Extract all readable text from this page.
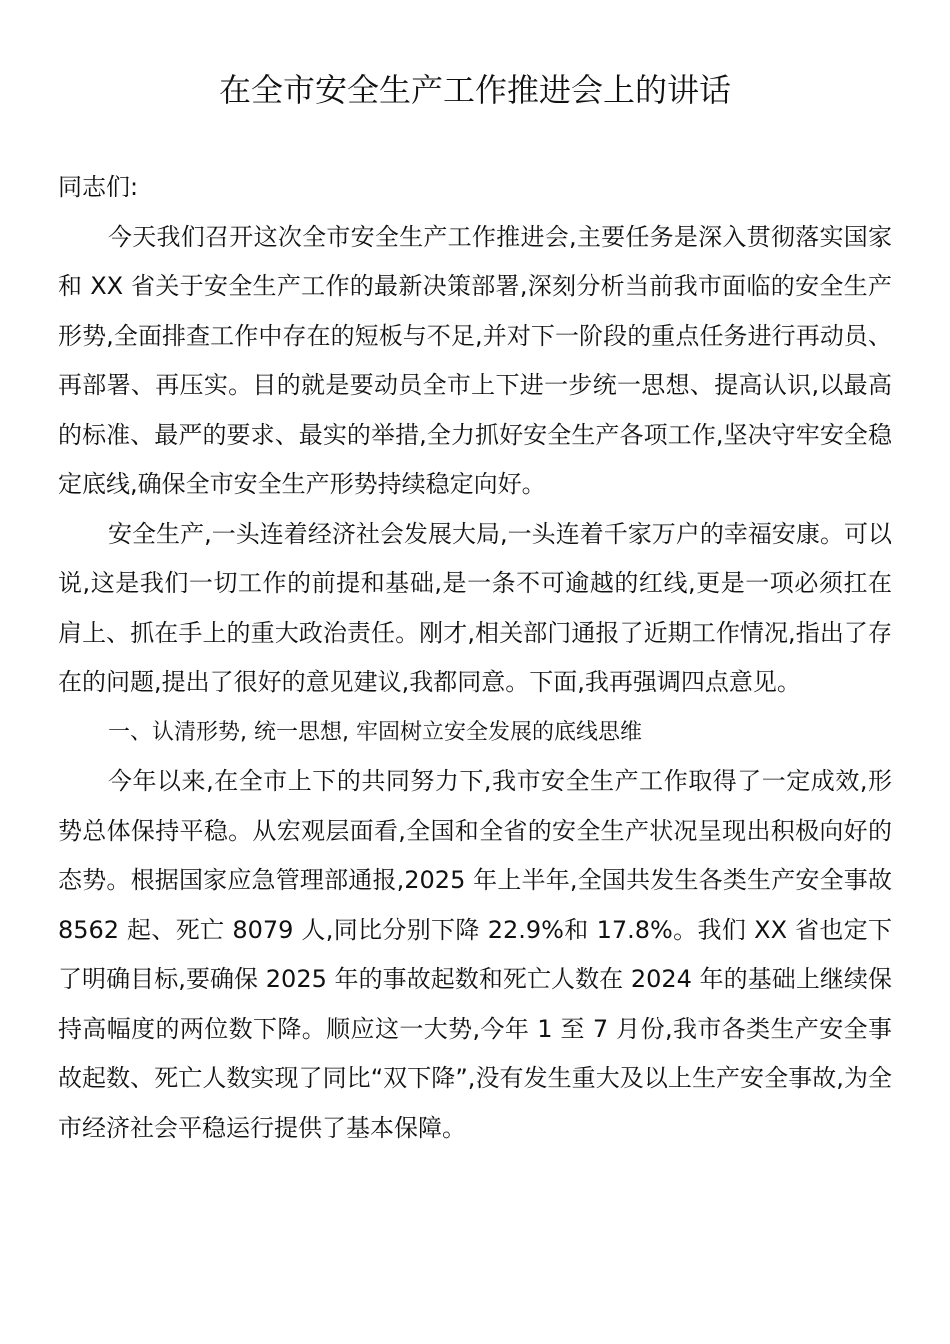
在全市安全生产工作推进会上的讲话

同志们:

今天我们召开这次全市安全生产工作推进会,主要任务是深入贯彻落实国家和 XX 省关于安全生产工作的最新决策部署,深刻分析当前我市面临的安全生产形势,全面排查工作中存在的短板与不足,并对下一阶段的重点任务进行再动员、再部署、再压实。目的就是要动员全市上下进一步统一思想、提高认识,以最高的标准、最严的要求、最实的举措,全力抓好安全生产各项工作,坚决守牢安全稳定底线,确保全市安全生产形势持续稳定向好。

安全生产,一头连着经济社会发展大局,一头连着千家万户的幸福安康。可以说,这是我们一切工作的前提和基础,是一条不可逾越的红线,更是一项必须扛在肩上、抓在手上的重大政治责任。刚才,相关部门通报了近期工作情况,指出了存在的问题,提出了很好的意见建议,我都同意。下面,我再强调四点意见。

一、认清形势, 统一思想, 牢固树立安全发展的底线思维

今年以来,在全市上下的共同努力下,我市安全生产工作取得了一定成效,形势总体保持平稳。从宏观层面看,全国和全省的安全生产状况呈现出积极向好的态势。根据国家应急管理部通报,2025 年上半年,全国共发生各类生产安全事故 8562 起、死亡 8079 人,同比分别下降 22.9%和 17.8%。我们 XX 省也定下了明确目标,要确保 2025 年的事故起数和死亡人数在 2024 年的基础上继续保持高幅度的两位数下降。顺应这一大势,今年 1 至 7 月份,我市各类生产安全事故起数、死亡人数实现了同比“双下降”,没有发生重大及以上生产安全事故,为全市经济社会平稳运行提供了基本保障。
